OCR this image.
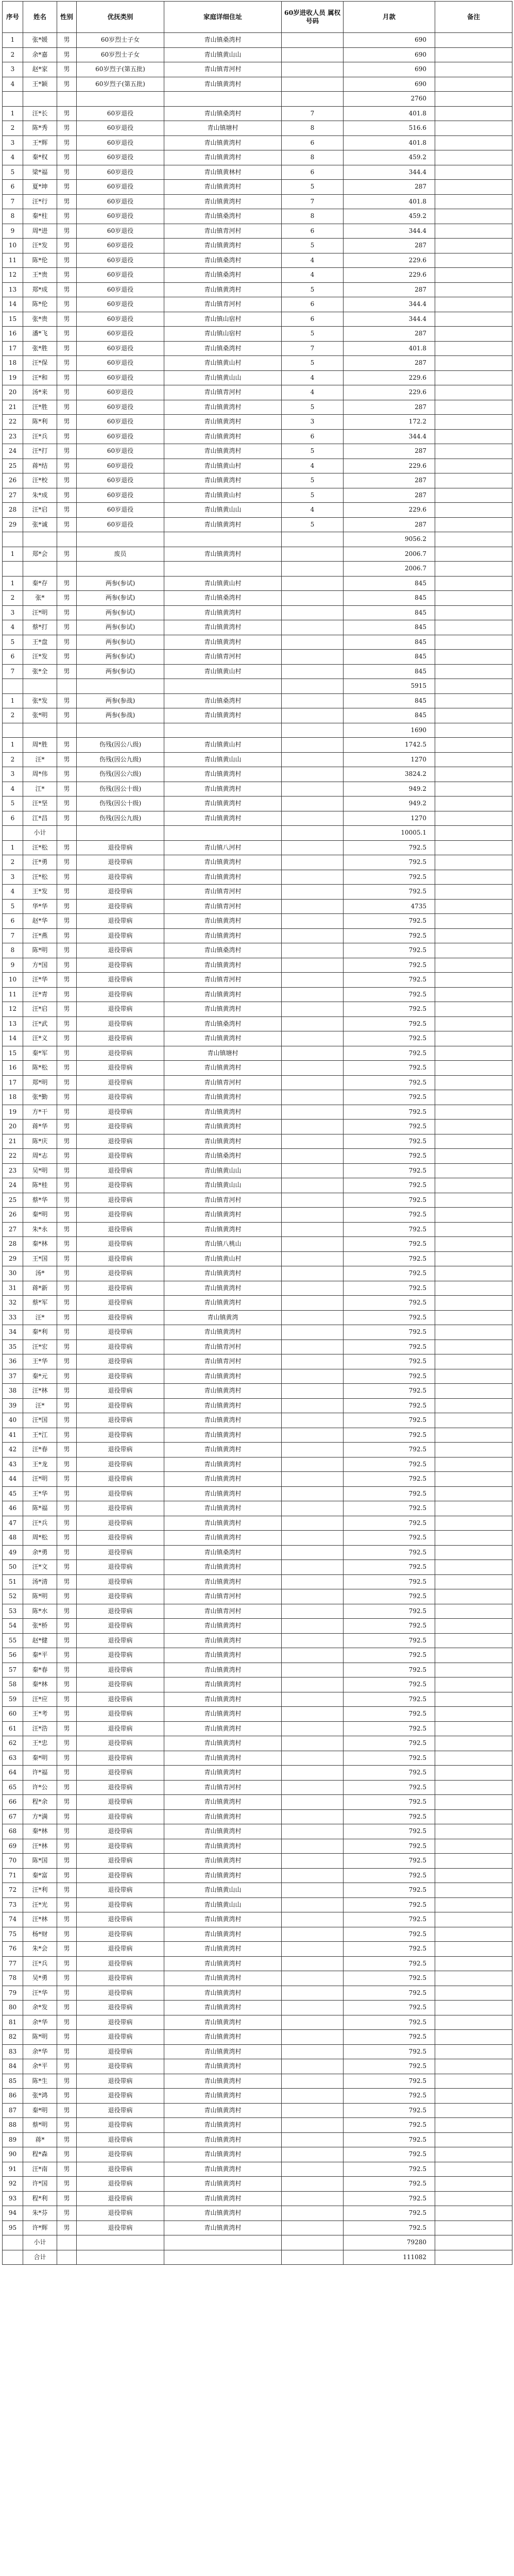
序号	姓名	性别	优抚类别	家庭详细住址	60岁进收人员 属权号码	月款	备注
1	张*媛	男	60岁烈士子女	青山镇桑湾村		690	
2	余*嘉	男	60岁烈士子女	青山镇黄山山		690	
3	赵*家	男	60岁烈子(第五批)	青山镇青河村		690	
4	王*颖	男	60岁烈子(第五批)	青山镇黄湾村		690	
						2760	
1	汪*长	男	60岁退役	青山镇桑湾村	7	401.8	
2	陈*秀	男	60岁退役	青山镇塘村	8	516.6	
3	王*辉	男	60岁退役	青山镇黄湾村	6	401.8	
4	秦*权	男	60岁退役	青山镇黄湾村	8	459.2	
5	梁*福	男	60岁退役	青山镇黄林村	6	344.4	
6	夏*坤	男	60岁退役	青山镇黄湾村	5	287	
7	汪*行	男	60岁退役	青山镇黄湾村	7	401.8	
8	秦*柱	男	60岁退役	青山镇桑湾村	8	459.2	
9	周*进	男	60岁退役	青山镇青河村	6	344.4	
10	汪*发	男	60岁退役	青山镇黄湾村	5	287	
11	陈*伦	男	60岁退役	青山镇桑湾村	4	229.6	
12	王*贵	男	60岁退役	青山镇桑湾村	4	229.6	
13	郑*成	男	60岁退役	青山镇黄湾村	5	287	
14	陈*伦	男	60岁退役	青山镇青河村	6	344.4	
15	张*贵	男	60岁退役	青山镇山宿村	6	344.4	
16	潘*飞	男	60岁退役	青山镇山宿村	5	287	
17	张*胜	男	60岁退役	青山镇桑湾村	7	401.8	
18	汪*保	男	60岁退役	青山镇黄山村	5	287	
19	汪*和	男	60岁退役	青山镇黄山山	4	229.6	
20	汤*来	男	60岁退役	青山镇青河村	4	229.6	
21	汪*胜	男	60岁退役	青山镇黄湾村	5	287	
22	陈*利	男	60岁退役	青山镇黄湾村	3	172.2	
23	汪*兵	男	60岁退役	青山镇黄湾村	6	344.4	
24	汪*打	男	60岁退役	青山镇黄湾村	5	287	
25	蒋*结	男	60岁退役	青山镇黄山村	4	229.6	
26	汪*校	男	60岁退役	青山镇黄湾村	5	287	
27	朱*成	男	60岁退役	青山镇黄山村	5	287	
28	汪*启	男	60岁退役	青山镇黄山山	4	229.6	
29	张*诚	男	60岁退役	青山镇黄湾村	5	287	
						9056.2	
1	郑*会	男	废员	青山镇黄湾村		2006.7	
						2006.7	
1	秦*存	男	两参(参试)	青山镇黄山村		845	
2	张*	男	两参(参试)	青山镇桑湾村		845	
3	汪*明	男	两参(参试)	青山镇黄湾村		845	
4	蔡*打	男	两参(参试)	青山镇黄湾村		845	
5	王*盘	男	两参(参试)	青山镇黄湾村		845	
6	汪*发	男	两参(参试)	青山镇青河村		845	
7	张*全	男	两参(参试)	青山镇黄山村		845	
						5915	
1	张*发	男	两参(参战)	青山镇桑湾村		845	
2	张*明	男	两参(参战)	青山镇黄湾村		845	
						1690	
1	周*胜	男	伤残(因公八级)	青山镇黄山村		1742.5	
2	汪*	男	伤残(因公九级)	青山镇黄山山		1270	
3	周*伟	男	伤残(因公六级)	青山镇黄湾村		3824.2	
4	江*	男	伤残(因公十级)	青山镇黄湾村		949.2	
5	汪*坚	男	伤残(因公十级)	青山镇黄湾村		949.2	
6	江*昌	男	伤残(因公九级)	青山镇黄湾村		1270	
	小计					10005.1	
1	汪*松	男	退役带病	青山镇八河村		792.5	
2	汪*勇	男	退役带病	青山镇黄湾村		792.5	
3	汪*松	男	退役带病	青山镇黄湾村		792.5	
4	王*发	男	退役带病	青山镇青河村		792.5	
5	华*华	男	退役带病	青山镇青河村		4735	
6	赵*华	男	退役带病	青山镇黄湾村		792.5	
7	汪*燕	男	退役带病	青山镇黄湾村		792.5	
8	陈*明	男	退役带病	青山镇桑湾村		792.5	
9	方*国	男	退役带病	青山镇黄湾村		792.5	
10	汪*华	男	退役带病	青山镇青河村		792.5	
11	汪*青	男	退役带病	青山镇黄湾村		792.5	
12	汪*启	男	退役带病	青山镇黄湾村		792.5	
13	汪*武	男	退役带病	青山镇桑湾村		792.5	
14	汪*义	男	退役带病	青山镇黄湾村		792.5	
15	秦*军	男	退役带病	青山镇塘村		792.5	
16	陈*松	男	退役带病	青山镇黄湾村		792.5	
17	郑*明	男	退役带病	青山镇青河村		792.5	
18	张*勤	男	退役带病	青山镇黄湾村		792.5	
19	方*干	男	退役带病	青山镇黄湾村		792.5	
20	蒋*华	男	退役带病	青山镇黄湾村		792.5	
21	陈*庆	男	退役带病	青山镇黄湾村		792.5	
22	周*志	男	退役带病	青山镇桑湾村		792.5	
23	吴*明	男	退役带病	青山镇黄山山		792.5	
24	陈*桂	男	退役带病	青山镇黄山山		792.5	
25	蔡*华	男	退役带病	青山镇青河村		792.5	
26	秦*明	男	退役带病	青山镇黄湾村		792.5	
27	朱*永	男	退役带病	青山镇黄湾村		792.5	
28	秦*林	男	退役带病	青山镇八桃山		792.5	
29	王*国	男	退役带病	青山镇黄山村		792.5	
30	汤*	男	退役带病	青山镇黄湾村		792.5	
31	蒋*新	男	退役带病	青山镇黄湾村		792.5	
32	蔡*军	男	退役带病	青山镇黄湾村		792.5	
33	汪*	男	退役带病	青山镇黄湾		792.5	
34	秦*利	男	退役带病	青山镇黄湾村		792.5	
35	汪*宏	男	退役带病	青山镇青河村		792.5	
36	王*华	男	退役带病	青山镇青河村		792.5	
37	秦*元	男	退役带病	青山镇黄湾村		792.5	
38	汪*林	男	退役带病	青山镇黄湾村		792.5	
39	汪*	男	退役带病	青山镇黄湾村		792.5	
40	汪*国	男	退役带病	青山镇黄湾村		792.5	
41	王*江	男	退役带病	青山镇黄湾村		792.5	
42	汪*春	男	退役带病	青山镇黄湾村		792.5	
43	王*龙	男	退役带病	青山镇黄湾村		792.5	
44	汪*明	男	退役带病	青山镇黄湾村		792.5	
45	王*华	男	退役带病	青山镇黄湾村		792.5	
46	陈*福	男	退役带病	青山镇黄湾村		792.5	
47	汪*兵	男	退役带病	青山镇黄湾村		792.5	
48	周*松	男	退役带病	青山镇黄湾村		792.5	
49	余*勇	男	退役带病	青山镇桑湾村		792.5	
50	汪*文	男	退役带病	青山镇黄湾村		792.5	
51	汤*清	男	退役带病	青山镇黄湾村		792.5	
52	陈*明	男	退役带病	青山镇青河村		792.5	
53	陈*水	男	退役带病	青山镇青河村		792.5	
54	张*桥	男	退役带病	青山镇黄湾村		792.5	
55	赵*健	男	退役带病	青山镇黄湾村		792.5	
56	秦*平	男	退役带病	青山镇黄湾村		792.5	
57	秦*春	男	退役带病	青山镇黄湾村		792.5	
58	秦*林	男	退役带病	青山镇黄湾村		792.5	
59	汪*应	男	退役带病	青山镇黄湾村		792.5	
60	王*考	男	退役带病	青山镇黄湾村		792.5	
61	汪*浩	男	退役带病	青山镇黄湾村		792.5	
62	王*忠	男	退役带病	青山镇黄湾村		792.5	
63	秦*明	男	退役带病	青山镇黄湾村		792.5	
64	许*福	男	退役带病	青山镇黄湾村		792.5	
65	许*公	男	退役带病	青山镇青河村		792.5	
66	程*余	男	退役带病	青山镇黄湾村		792.5	
67	方*满	男	退役带病	青山镇黄湾村		792.5	
68	秦*林	男	退役带病	青山镇黄湾村		792.5	
69	汪*林	男	退役带病	青山镇黄湾村		792.5	
70	陈*国	男	退役带病	青山镇黄湾村		792.5	
71	秦*富	男	退役带病	青山镇黄湾村		792.5	
72	汪*利	男	退役带病	青山镇黄山山		792.5	
73	汪*光	男	退役带病	青山镇黄山山		792.5	
74	汪*林	男	退役带病	青山镇黄湾村		792.5	
75	杨*财	男	退役带病	青山镇黄湾村		792.5	
76	朱*会	男	退役带病	青山镇黄湾村		792.5	
77	汪*兵	男	退役带病	青山镇黄湾村		792.5	
78	吴*勇	男	退役带病	青山镇黄湾村		792.5	
79	汪*华	男	退役带病	青山镇黄湾村		792.5	
80	余*发	男	退役带病	青山镇黄湾村		792.5	
81	余*华	男	退役带病	青山镇黄湾村		792.5	
82	陈*明	男	退役带病	青山镇黄湾村		792.5	
83	余*华	男	退役带病	青山镇黄湾村		792.5	
84	余*平	男	退役带病	青山镇黄湾村		792.5	
85	陈*生	男	退役带病	青山镇黄湾村		792.5	
86	张*鸿	男	退役带病	青山镇黄湾村		792.5	
87	秦*明	男	退役带病	青山镇黄湾村		792.5	
88	蔡*明	男	退役带病	青山镇黄湾村		792.5	
89	蒋*	男	退役带病	青山镇黄湾村		792.5	
90	程*森	男	退役带病	青山镇黄湾村		792.5	
91	汪*南	男	退役带病	青山镇黄湾村		792.5	
92	许*国	男	退役带病	青山镇黄湾村		792.5	
93	程*利	男	退役带病	青山镇黄湾村		792.5	
94	朱*芬	男	退役带病	青山镇黄湾村		792.5	
95	许*辉	男	退役带病	青山镇黄湾村		792.5	
	小计					79280	
	合计					111082	
